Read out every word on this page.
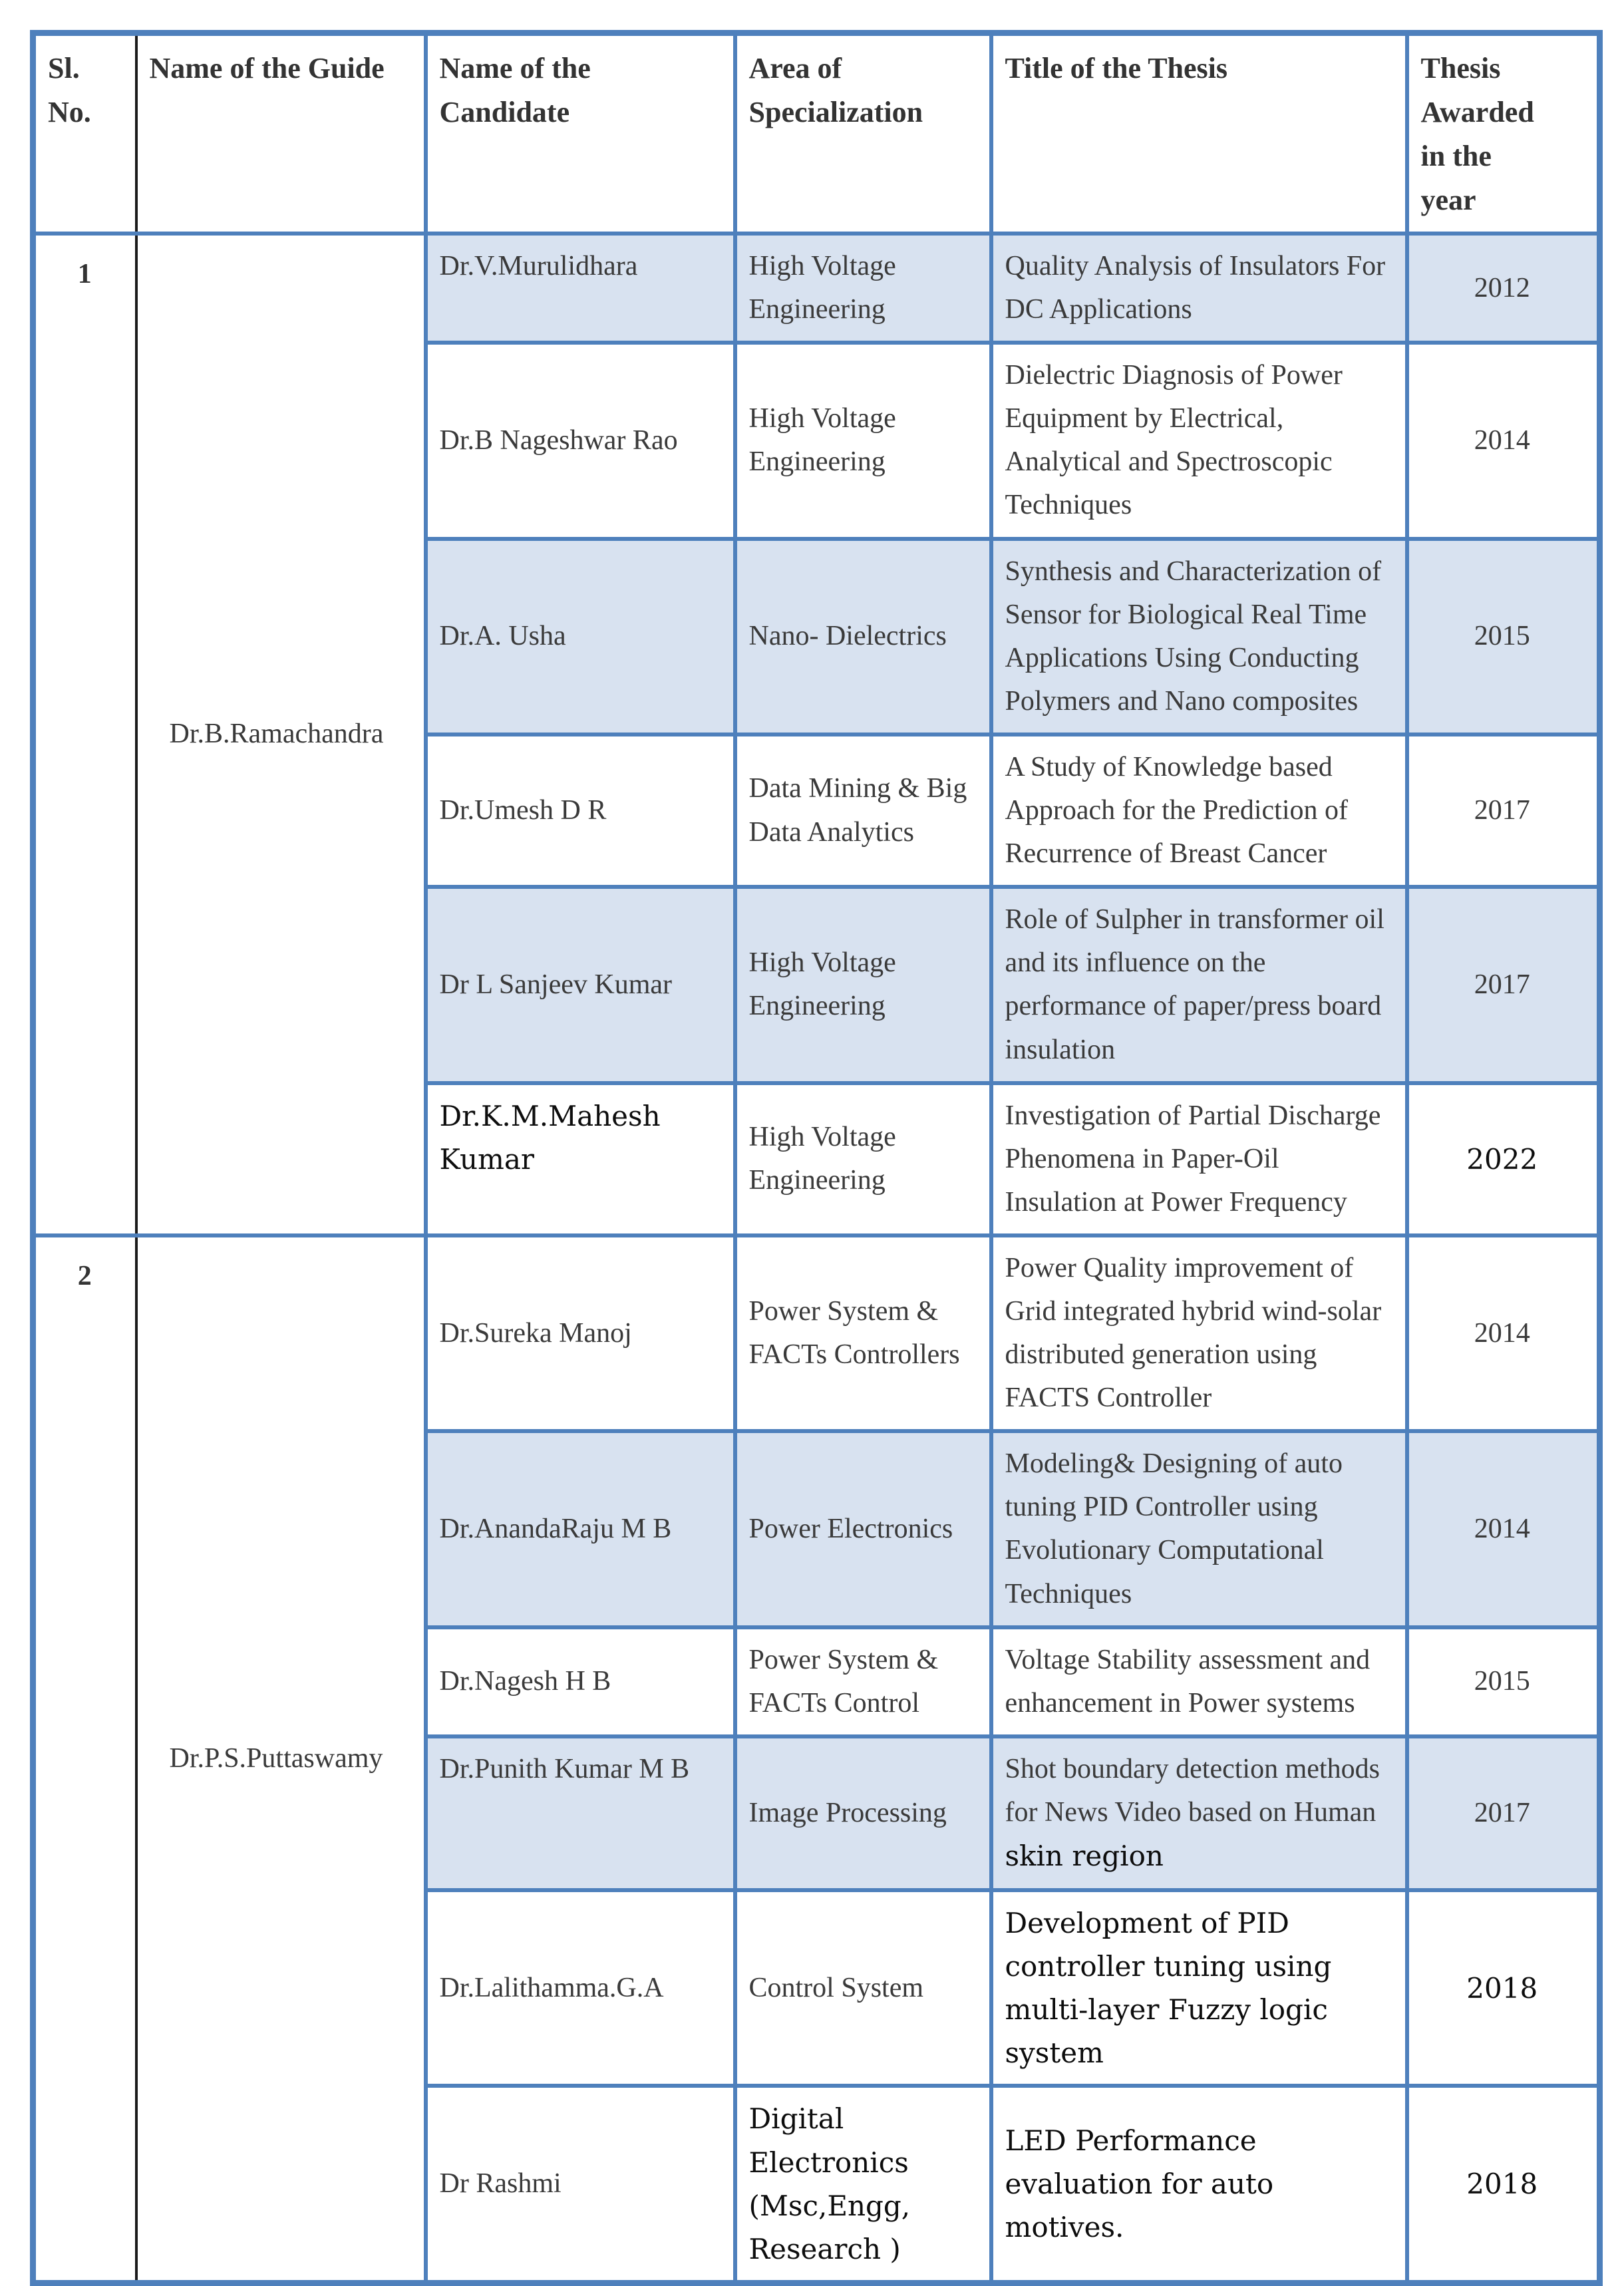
Sl. No.	Name of the Guide	Name of the Candidate	Area of Specialization	Title of the Thesis	Thesis Awarded in the year
1	Dr.B.Ramachandra	Dr.V.Murulidhara	High Voltage Engineering	Quality Analysis of Insulators For DC Applications	2012
		Dr.B Nageshwar Rao	High Voltage Engineering	Dielectric Diagnosis of Power Equipment by Electrical, Analytical and Spectroscopic Techniques	2014
		Dr.A. Usha	Nano- Dielectrics	Synthesis and Characterization of Sensor for Biological Real Time Applications Using Conducting Polymers and Nano composites	2015
		Dr.Umesh D R	Data Mining & Big Data Analytics	A Study of Knowledge based Approach for the Prediction of Recurrence of Breast Cancer	2017
		Dr L Sanjeev Kumar	High Voltage Engineering	Role of Sulpher in transformer oil and its influence on the performance of paper/press board insulation	2017
		Dr.K.M.Mahesh Kumar	High Voltage Engineering	Investigation of Partial Discharge Phenomena in Paper-Oil Insulation at Power Frequency	2022
2	Dr.P.S.Puttaswamy	Dr.Sureka Manoj	Power System & FACTs Controllers	Power Quality improvement of Grid integrated hybrid wind-solar distributed generation using FACTS Controller	2014
		Dr.AnandaRaju M B	Power Electronics	Modeling& Designing of auto tuning PID Controller using Evolutionary Computational Techniques	2014
		Dr.Nagesh H B	Power System & FACTs Control	Voltage Stability assessment and enhancement in Power systems	2015
		Dr.Punith Kumar M B	Image Processing	Shot boundary detection methods for News Video based on Human skin region	2017
		Dr.Lalithamma.G.A	Control System	Development of PID controller tuning using multi-layer Fuzzy logic system	2018
		Dr Rashmi	Digital Electronics (Msc,Engg, Research )	LED Performance evaluation for auto motives.	2018
